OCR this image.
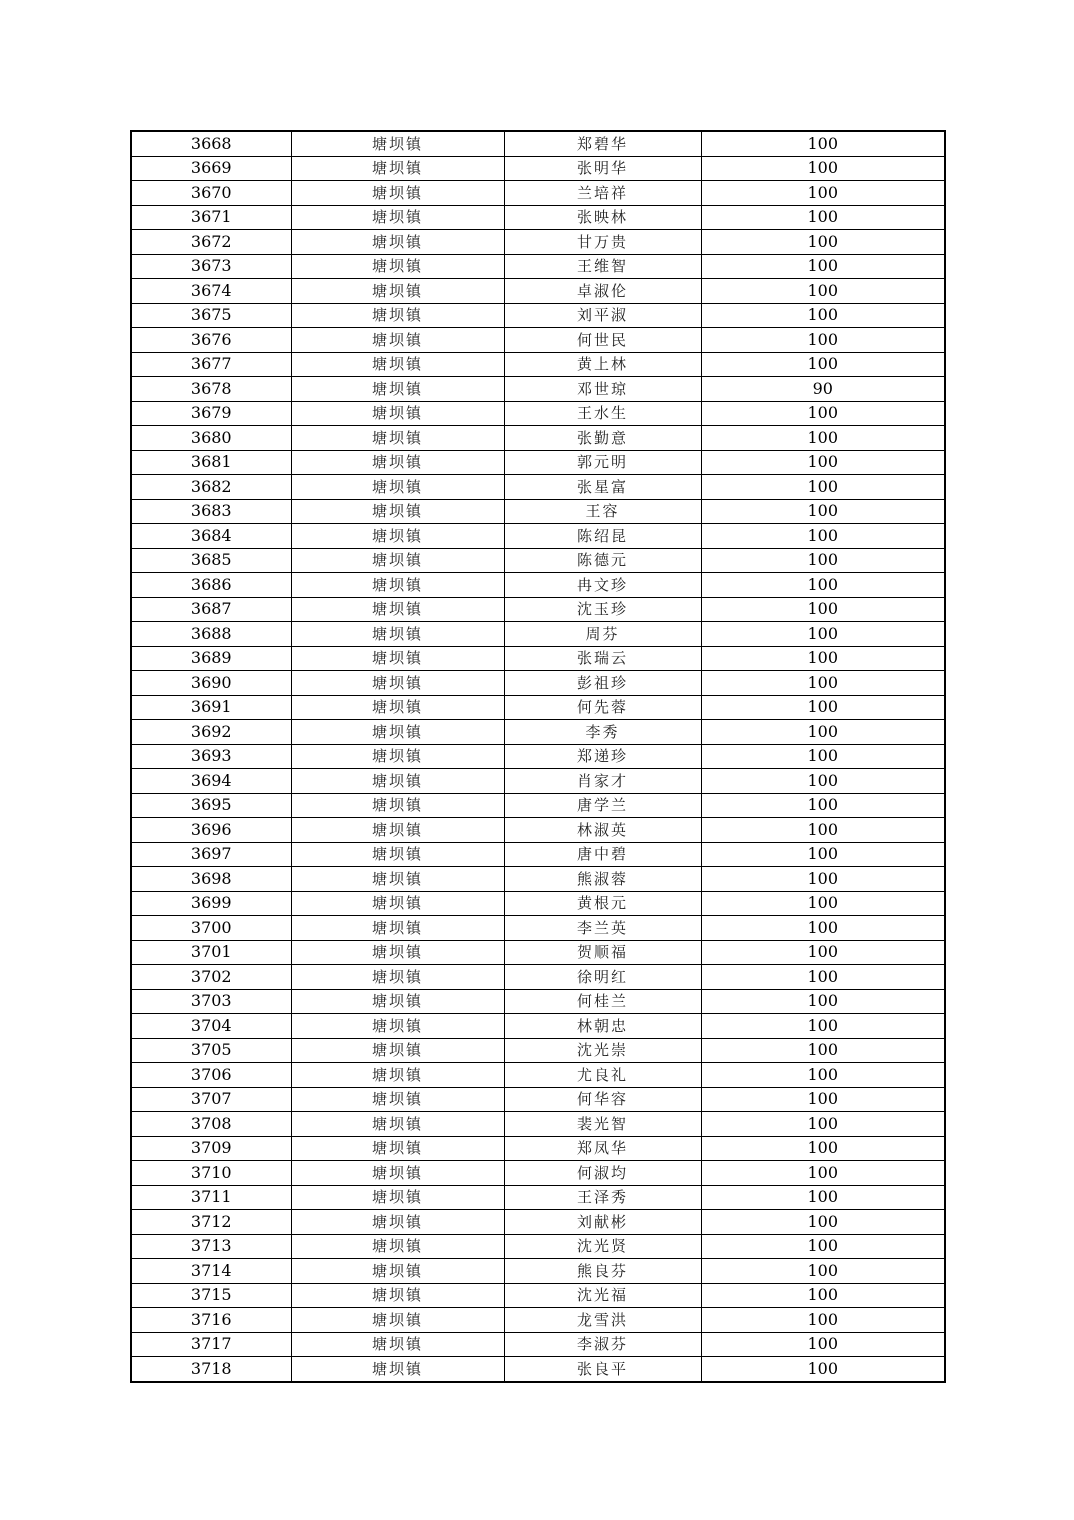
3668	塘坝镇	郑碧华	100
3669	塘坝镇	张明华	100
3670	塘坝镇	兰培祥	100
3671	塘坝镇	张映林	100
3672	塘坝镇	甘万贵	100
3673	塘坝镇	王维智	100
3674	塘坝镇	卓淑伦	100
3675	塘坝镇	刘平淑	100
3676	塘坝镇	何世民	100
3677	塘坝镇	黄上林	100
3678	塘坝镇	邓世琼	90
3679	塘坝镇	王水生	100
3680	塘坝镇	张勤意	100
3681	塘坝镇	郭元明	100
3682	塘坝镇	张星富	100
3683	塘坝镇	王容	100
3684	塘坝镇	陈绍昆	100
3685	塘坝镇	陈德元	100
3686	塘坝镇	冉文珍	100
3687	塘坝镇	沈玉珍	100
3688	塘坝镇	周芬	100
3689	塘坝镇	张瑞云	100
3690	塘坝镇	彭祖珍	100
3691	塘坝镇	何先蓉	100
3692	塘坝镇	李秀	100
3693	塘坝镇	郑递珍	100
3694	塘坝镇	肖家才	100
3695	塘坝镇	唐学兰	100
3696	塘坝镇	林淑英	100
3697	塘坝镇	唐中碧	100
3698	塘坝镇	熊淑蓉	100
3699	塘坝镇	黄根元	100
3700	塘坝镇	李兰英	100
3701	塘坝镇	贺顺福	100
3702	塘坝镇	徐明红	100
3703	塘坝镇	何桂兰	100
3704	塘坝镇	林朝忠	100
3705	塘坝镇	沈光崇	100
3706	塘坝镇	尤良礼	100
3707	塘坝镇	何华容	100
3708	塘坝镇	裴光智	100
3709	塘坝镇	郑凤华	100
3710	塘坝镇	何淑均	100
3711	塘坝镇	王泽秀	100
3712	塘坝镇	刘献彬	100
3713	塘坝镇	沈光贤	100
3714	塘坝镇	熊良芬	100
3715	塘坝镇	沈光福	100
3716	塘坝镇	龙雪洪	100
3717	塘坝镇	李淑芬	100
3718	塘坝镇	张良平	100
